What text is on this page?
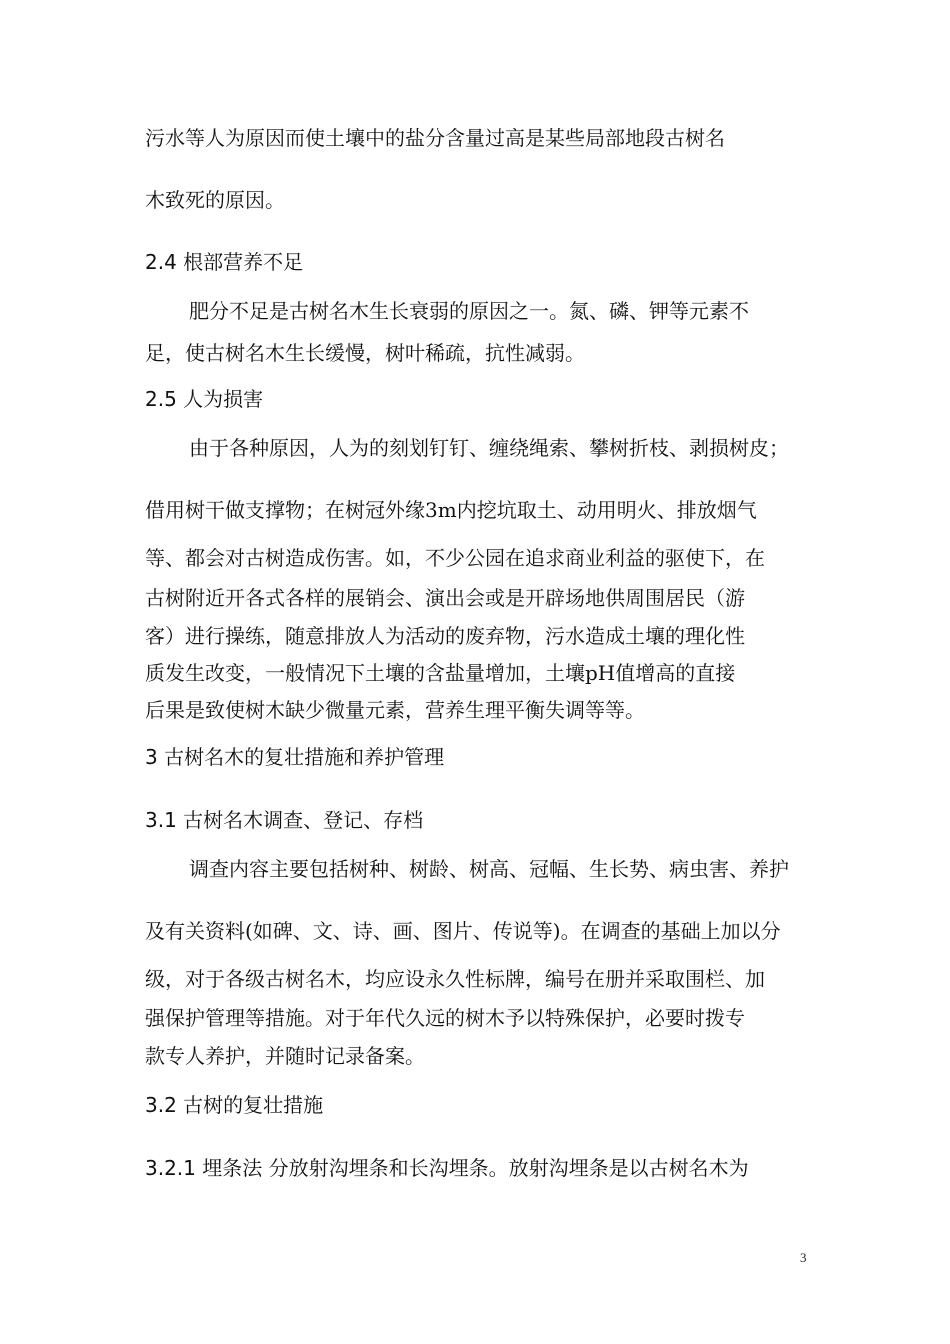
污水等人为原因而使土壤中的盐分含量过高是某些局部地段古树名
木致死的原因。
2.4 根部营养不足
肥分不足是古树名木生长衰弱的原因之一。氮、磷、钾等元素不
足，使古树名木生长缓慢，树叶稀疏，抗性减弱。
2.5 人为损害
由于各种原因，人为的刻划钉钉、缠绕绳索、攀树折枝、剥损树皮；
借用树干做支撑物；在树冠外缘3m内挖坑取土、动用明火、排放烟气
等、都会对古树造成伤害。如，不少公园在追求商业利益的驱使下，在
古树附近开各式各样的展销会、演出会或是开辟场地供周围居民（游
客）进行操练，随意排放人为活动的废弃物，污水造成土壤的理化性
质发生改变，一般情况下土壤的含盐量增加，土壤pH值增高的直接
后果是致使树木缺少微量元素，营养生理平衡失调等等。
3 古树名木的复壮措施和养护管理
3.1 古树名木调查、登记、存档
调查内容主要包括树种、树龄、树高、冠幅、生长势、病虫害、养护
及有关资料(如碑、文、诗、画、图片、传说等)。在调查的基础上加以分
级，对于各级古树名木，均应设永久性标牌，编号在册并采取围栏、加
强保护管理等措施。对于年代久远的树木予以特殊保护，必要时拨专
款专人养护，并随时记录备案。
3.2 古树的复壮措施
3.2.1 埋条法 分放射沟埋条和长沟埋条。放射沟埋条是以古树名木为
3
